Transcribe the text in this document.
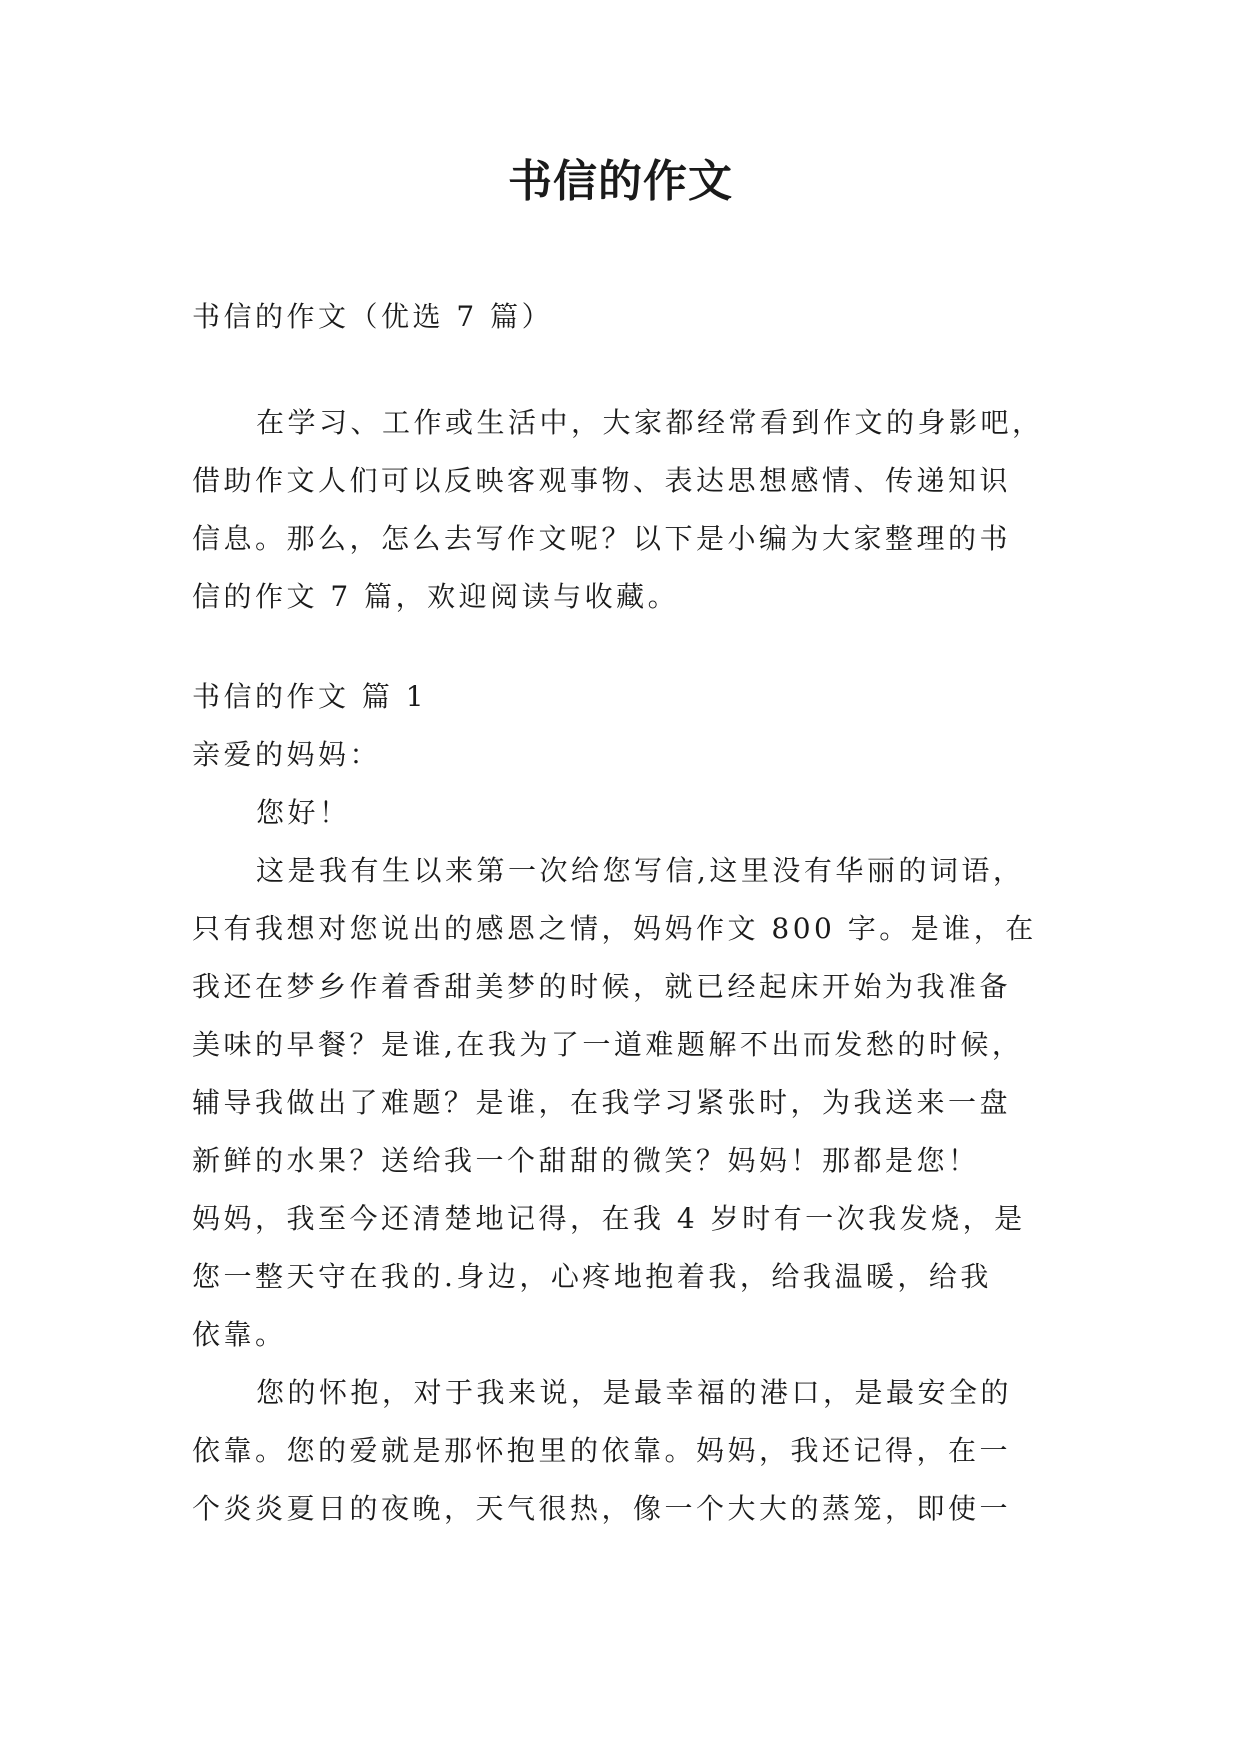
书信的作文
书信的作文（优选 7 篇）
在学习、工作或生活中，大家都经常看到作文的身影吧，
借助作文人们可以反映客观事物、表达思想感情、传递知识
信息。那么，怎么去写作文呢？以下是小编为大家整理的书
信的作文 7 篇，欢迎阅读与收藏。
书信的作文 篇 1
亲爱的妈妈：
您好！
这是我有生以来第一次给您写信,这里没有华丽的词语，
只有我想对您说出的感恩之情，妈妈作文 800 字。是谁，在
我还在梦乡作着香甜美梦的时候，就已经起床开始为我准备
美味的早餐？是谁,在我为了一道难题解不出而发愁的时候，
辅导我做出了难题？是谁，在我学习紧张时，为我送来一盘
新鲜的水果？送给我一个甜甜的微笑？妈妈！那都是您！
妈妈，我至今还清楚地记得，在我 4 岁时有一次我发烧，是
您一整天守在我的.身边，心疼地抱着我，给我温暖，给我
依靠。
您的怀抱，对于我来说，是最幸福的港口，是最安全的
依靠。您的爱就是那怀抱里的依靠。妈妈，我还记得，在一
个炎炎夏日的夜晚，天气很热，像一个大大的蒸笼，即使一
